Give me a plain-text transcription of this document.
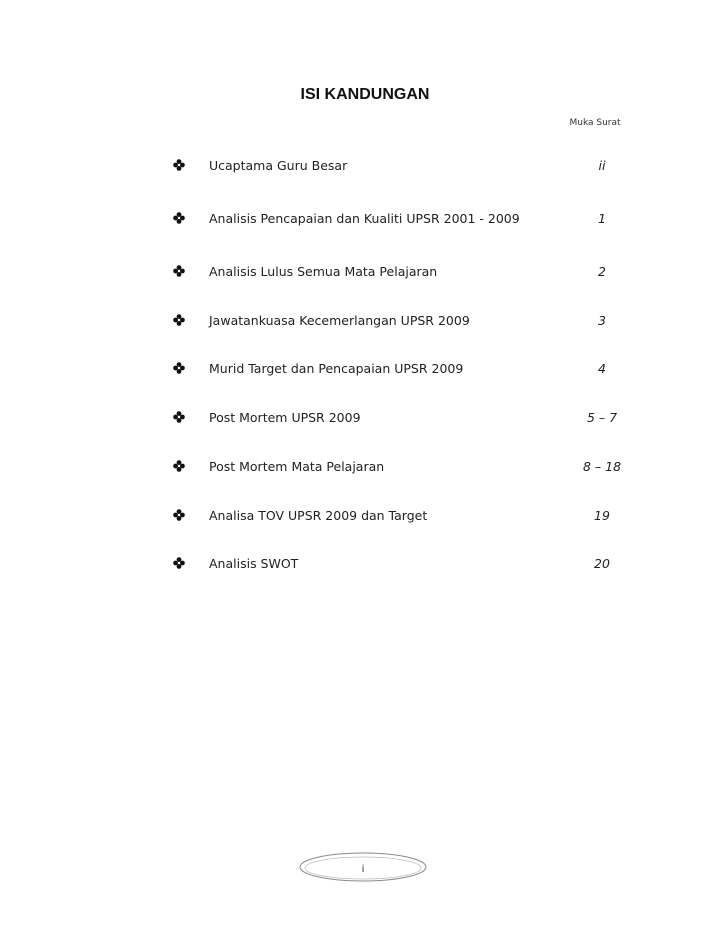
ISI KANDUNGAN
Muka Surat
Ucaptama Guru Besar	ii
Analisis Pencapaian dan Kualiti UPSR 2001 - 2009	1
Analisis Lulus Semua Mata Pelajaran	2
Jawatankuasa Kecemerlangan UPSR 2009	3
Murid Target dan Pencapaian UPSR 2009	4
Post Mortem UPSR 2009	5 – 7
Post Mortem Mata Pelajaran	8 – 18
Analisa TOV UPSR 2009 dan Target	19
Analisis SWOT	20
i
